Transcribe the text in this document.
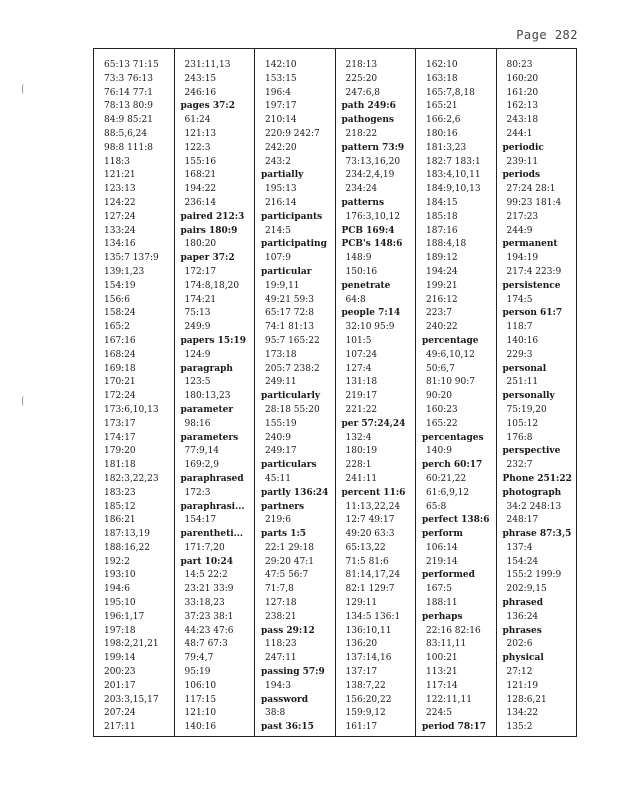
Page 282
65:13 71:15
73:3 76:13
76:14 77:1
78:13 80:9
84:9 85:21
88:5,6,24
98:8 111:8
118:3
121:21
123:13
124:22
127:24
133:24
134:16
135:7 137:9
139:1,23
154:19
156:6
158:24
165:2
167:16
168:24
169:18
170:21
172:24
173:6,10,13
173:17
174:17
179:20
181:18
182:3,22,23
183:23
185:12
186:21
187:13,19
188:16,22
192:2
193:10
194:6
195:10
196:1,17
197:18
198:2,21,21
199:14
200:23
201:17
203:3,15,17
207:24
217:11
231:11,13
243:15
246:16
pages 37:2
61:24
121:13
122:3
155:16
168:21
194:22
236:14
paired 212:3
pairs 180:9
180:20
paper 37:2
172:17
174:8,18,20
174:21
75:13
249:9
papers 15:19
124:9
paragraph
123:5
180:13,23
parameter
98:16
parameters
77:9,14
169:2,9
paraphrased
172:3
paraphrasi...
154:17
parentheti...
171:7,20
part 10:24
14:5 22:2
23:21 33:9
33:18,23
37:23 38:1
44:23 47:6
48:7 67:3
79:4,7
95:19
106:10
117:15
121:10
140:16
142:10
153:15
196:4
197:17
210:14
220:9 242:7
242:20
243:2
partially
195:13
216:14
participants
214:5
participating
107:9
particular
19:9,11
49:21 59:3
65:17 72:8
74:1 81:13
95:7 165:22
173:18
205:7 238:2
249:11
particularly
28:18 55:20
155:19
240:9
249:17
particulars
45:11
partly 136:24
partners
219:6
parts 1:5
22:1 29:18
29:20 47:1
47:5 56:7
71:7,8
127:18
238:21
pass 29:12
118:23
247:11
passing 57:9
194:3
password
38:8
past 36:15
218:13
225:20
247:6,8
path 249:6
pathogens
218:22
pattern 73:9
73:13,16,20
234:2,4,19
234:24
patterns
176:3,10,12
PCB 169:4
PCB's 148:6
148:9
150:16
penetrate
64:8
people 7:14
32:10 95:9
101:5
107:24
127:4
131:18
219:17
221:22
per 57:24,24
132:4
180:19
228:1
241:11
percent 11:6
11:13,22,24
12:7 49:17
49:20 63:3
65:13,22
71:5 81:6
81:14,17,24
82:1 129:7
129:11
134:5 136:1
136:10,11
136:20
137:14,16
137:17
138:7,22
156:20,22
159:9,12
161:17
162:10
163:18
165:7,8,18
165:21
166:2,6
180:16
181:3,23
182:7 183:1
183:4,10,11
184:9,10,13
184:15
185:18
187:16
188:4,18
189:12
194:24
199:21
216:12
223:7
240:22
percentage
49:6,10,12
50:6,7
81:10 90:7
90:20
160:23
165:22
percentages
140:9
perch 60:17
60:21,22
61:6,9,12
65:8
perfect 138:6
perform
106:14
219:14
performed
167:5
188:11
perhaps
22:16 82:16
83:11,11
100:21
113:21
117:14
122:11,11
224:5
period 78:17
80:23
160:20
161:20
162:13
243:18
244:1
periodic
239:11
periods
27:24 28:1
99:23 181:4
217:23
244:9
permanent
194:19
217:4 223:9
persistence
174:5
person 61:7
118:7
140:16
229:3
personal
251:11
personally
75:19,20
105:12
176:8
perspective
232:7
Phone 251:22
photograph
34:2 248:13
248:17
phrase 87:3,5
137:4
154:24
155:2 199:9
202:9,15
phrased
136:24
phrases
202:6
physical
27:12
121:19
128:6,21
134:22
135:2
